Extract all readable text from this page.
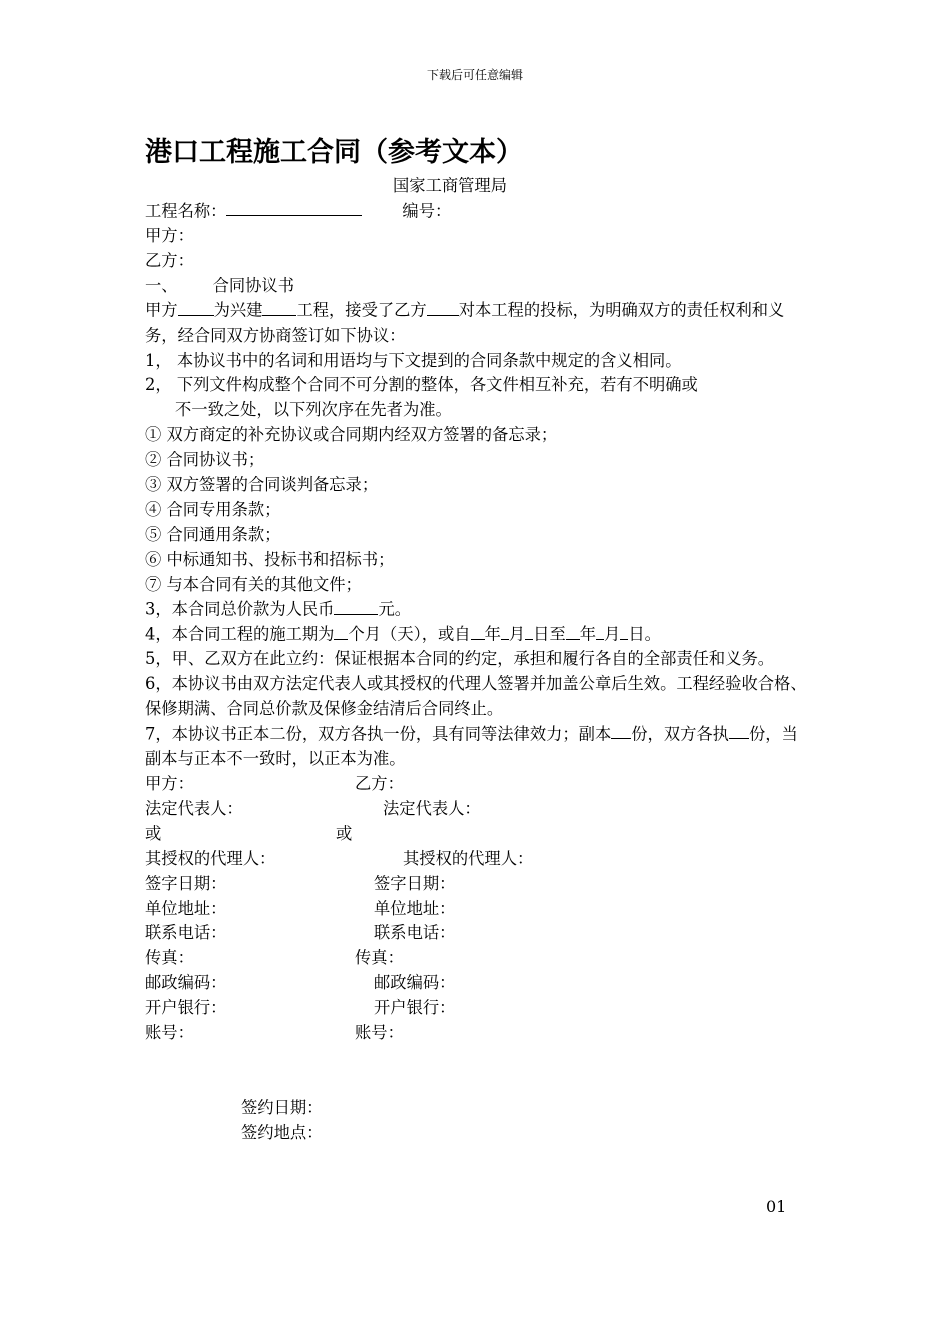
下载后可任意编辑
港口工程施工合同（参考文本）
国家工商管理局
工程名称：	编号：
甲方：
乙方：
一、 合同协议书
甲方 为兴建 工程，接受了乙方 对本工程的投标，为明确双方的责任权利和义务，经合同双方协商签订如下协议：
1， 本协议书中的名词和用语均与下文提到的合同条款中规定的含义相同。
2， 下列文件构成整个合同不可分割的整体，各文件相互补充，若有不明确或
不一致之处，以下列次序在先者为准。
① 双方商定的补充协议或合同期内经双方签署的备忘录；
② 合同协议书；
③ 双方签署的合同谈判备忘录；
④ 合同专用条款；
⑤ 合同通用条款；
⑥ 中标通知书、投标书和招标书；
⑦ 与本合同有关的其他文件；
3，本合同总价款为人民币	元。
4，本合同工程的施工期为 个月（天），或自 年 月 日至 年 月 日。
5，甲、乙双方在此立约：保证根据本合同的约定，承担和履行各自的全部责任和义务。
6，本协议书由双方法定代表人或其授权的代理人签署并加盖公章后生效。工程经验收合格、保修期满、合同总价款及保修金结清后合同终止。
7，本协议书正本二份，双方各执一份，具有同等法律效力；副本 份，双方各执 份，当副本与正本不一致时，以正本为准。
甲方：	乙方：
法定代表人：	法定代表人：
或	或
其授权的代理人：	其授权的代理人：
签字日期：	签字日期：
单位地址：	单位地址：
联系电话：	联系电话：
传真：	传真：
邮政编码：	邮政编码：
开户银行：	开户银行：
账号：	账号：
签约日期：
签约地点：
01
